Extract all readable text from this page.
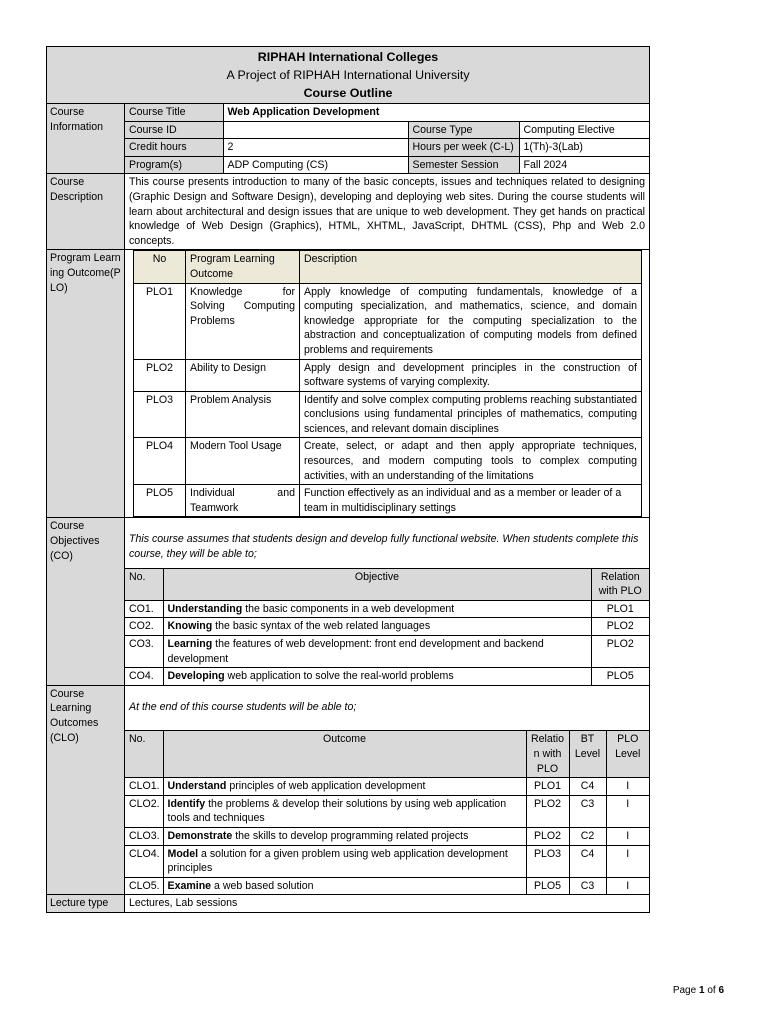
RIPHAH International Colleges
A Project of RIPHAH International University
Course Outline

Course Information	
Course Title	Web Application Development
Course ID		Course Type	Computing Elective
Credit hours	2	Hours per week (C-L)	1(Th)-3(Lab)
Program(s)	ADP Computing (CS)	Semester Session	Fall 2024

Course Description	This course presents introduction to many of the basic concepts, issues and techniques related to designing (Graphic Design and Software Design), developing and deploying web sites. During the course students will learn about architectural and design issues that are unique to web development. They get hands on practical knowledge of Web Design (Graphics), HTML, XHTML, JavaScript, DHTML (CSS), Php and Web 2.0 concepts.
Program Learning Outcome(PLO)	
No	Program Learning Outcome	Description
PLO1	Knowledge for Solving Computing Problems	Apply knowledge of computing fundamentals, knowledge of a computing specialization, and mathematics, science, and domain knowledge appropriate for the computing specialization to the abstraction and conceptualization of computing models from defined problems and requirements
PLO2	Ability to Design	Apply design and development principles in the construction of software systems of varying complexity.
PLO3	Problem Analysis	Identify and solve complex computing problems reaching substantiated conclusions using fundamental principles of mathematics, computing sciences, and relevant domain disciplines
PLO4	Modern Tool Usage	Create, select, or adapt and then apply appropriate techniques, resources, and modern computing tools to complex computing activities, with an understanding of the limitations
PLO5	Individual and Teamwork	Function effectively as an individual and as a member or leader of a team in multidisciplinary settings

Course Objectives (CO)	
This course assumes that students design and develop fully functional website. When students complete this course, they will be able to;
No.	Objective	Relation with PLO
CO1.	Understanding the basic components in a web development	PLO1
CO2.	Knowing the basic syntax of the web related languages	PLO2
CO3.	Learning the features of web development: front end development and backend development	PLO2
CO4.	Developing web application to solve the real-world problems	PLO5

Course Learning Outcomes (CLO)	
At the end of this course students will be able to;
No.	Outcome	Relation with PLO	BT Level	PLO Level
CLO1.	Understand principles of web application development	PLO1	C4	I
CLO2.	Identify the problems & develop their solutions by using web application tools and techniques	PLO2	C3	I
CLO3.	Demonstrate the skills to develop programming related projects	PLO2	C2	I
CLO4.	Model a solution for a given problem using web application development principles	PLO3	C4	I
CLO5.	Examine a web based solution	PLO5	C3	I

Lecture type	Lectures, Lab sessions
Page 1 of 6
